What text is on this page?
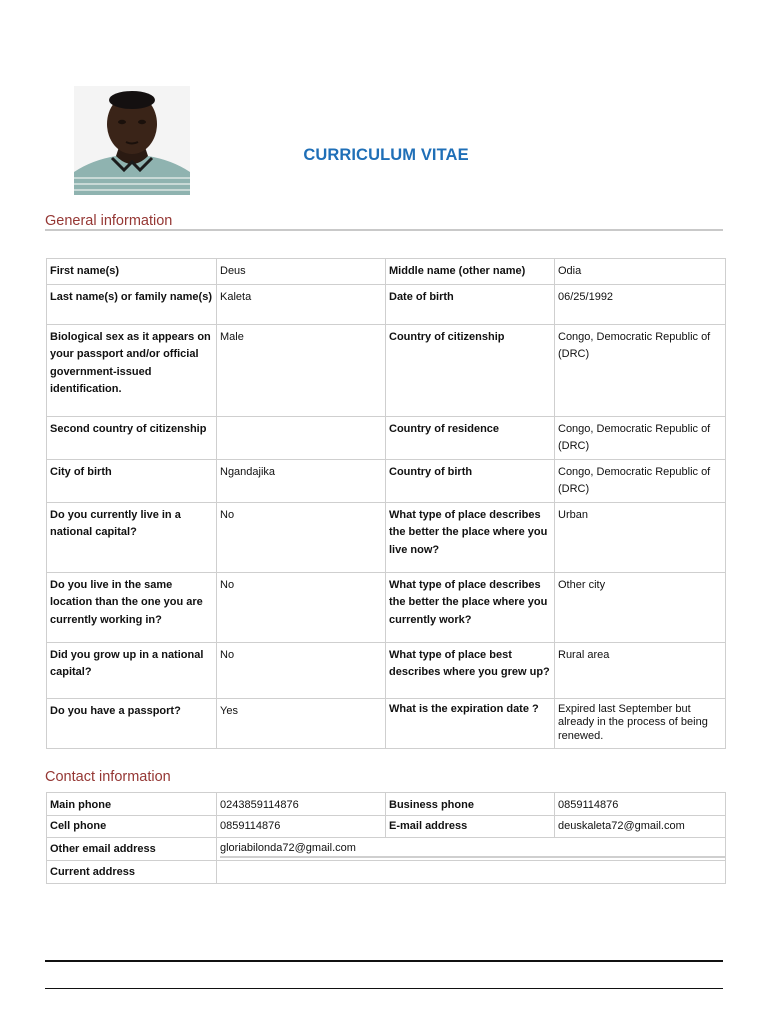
CURRICULUM VITAE
General information
First name(s)	Deus	Middle name (other name)	Odia
Last name(s) or family name(s)	Kaleta	Date of birth	06/25/1992
Biological sex as it appears on your passport and/or official government-issued identification.	Male	Country of citizenship	Congo, Democratic Republic of (DRC)
Second country of citizenship		Country of residence	Congo, Democratic Republic of (DRC)
City of birth	Ngandajika	Country of birth	Congo, Democratic Republic of (DRC)
Do you currently live in a national capital?	No	What type of place describes the better the place where you live now?	Urban
Do you live in the same location than the one you are currently working in?	No	What type of place describes the better the place where you currently work?	Other city
Did you grow up in a national capital?	No	What type of place best describes where you grew up?	Rural area
Do you have a passport?	Yes	What is the expiration date ?	Expired last September but already in the process of being renewed.
Contact information
Main phone	0243859114876	Business phone	0859114876
Cell phone	0859114876	E-mail address	deuskaleta72@gmail.com
Other email address	gloriabilonda72@gmail.com		

Current address			
